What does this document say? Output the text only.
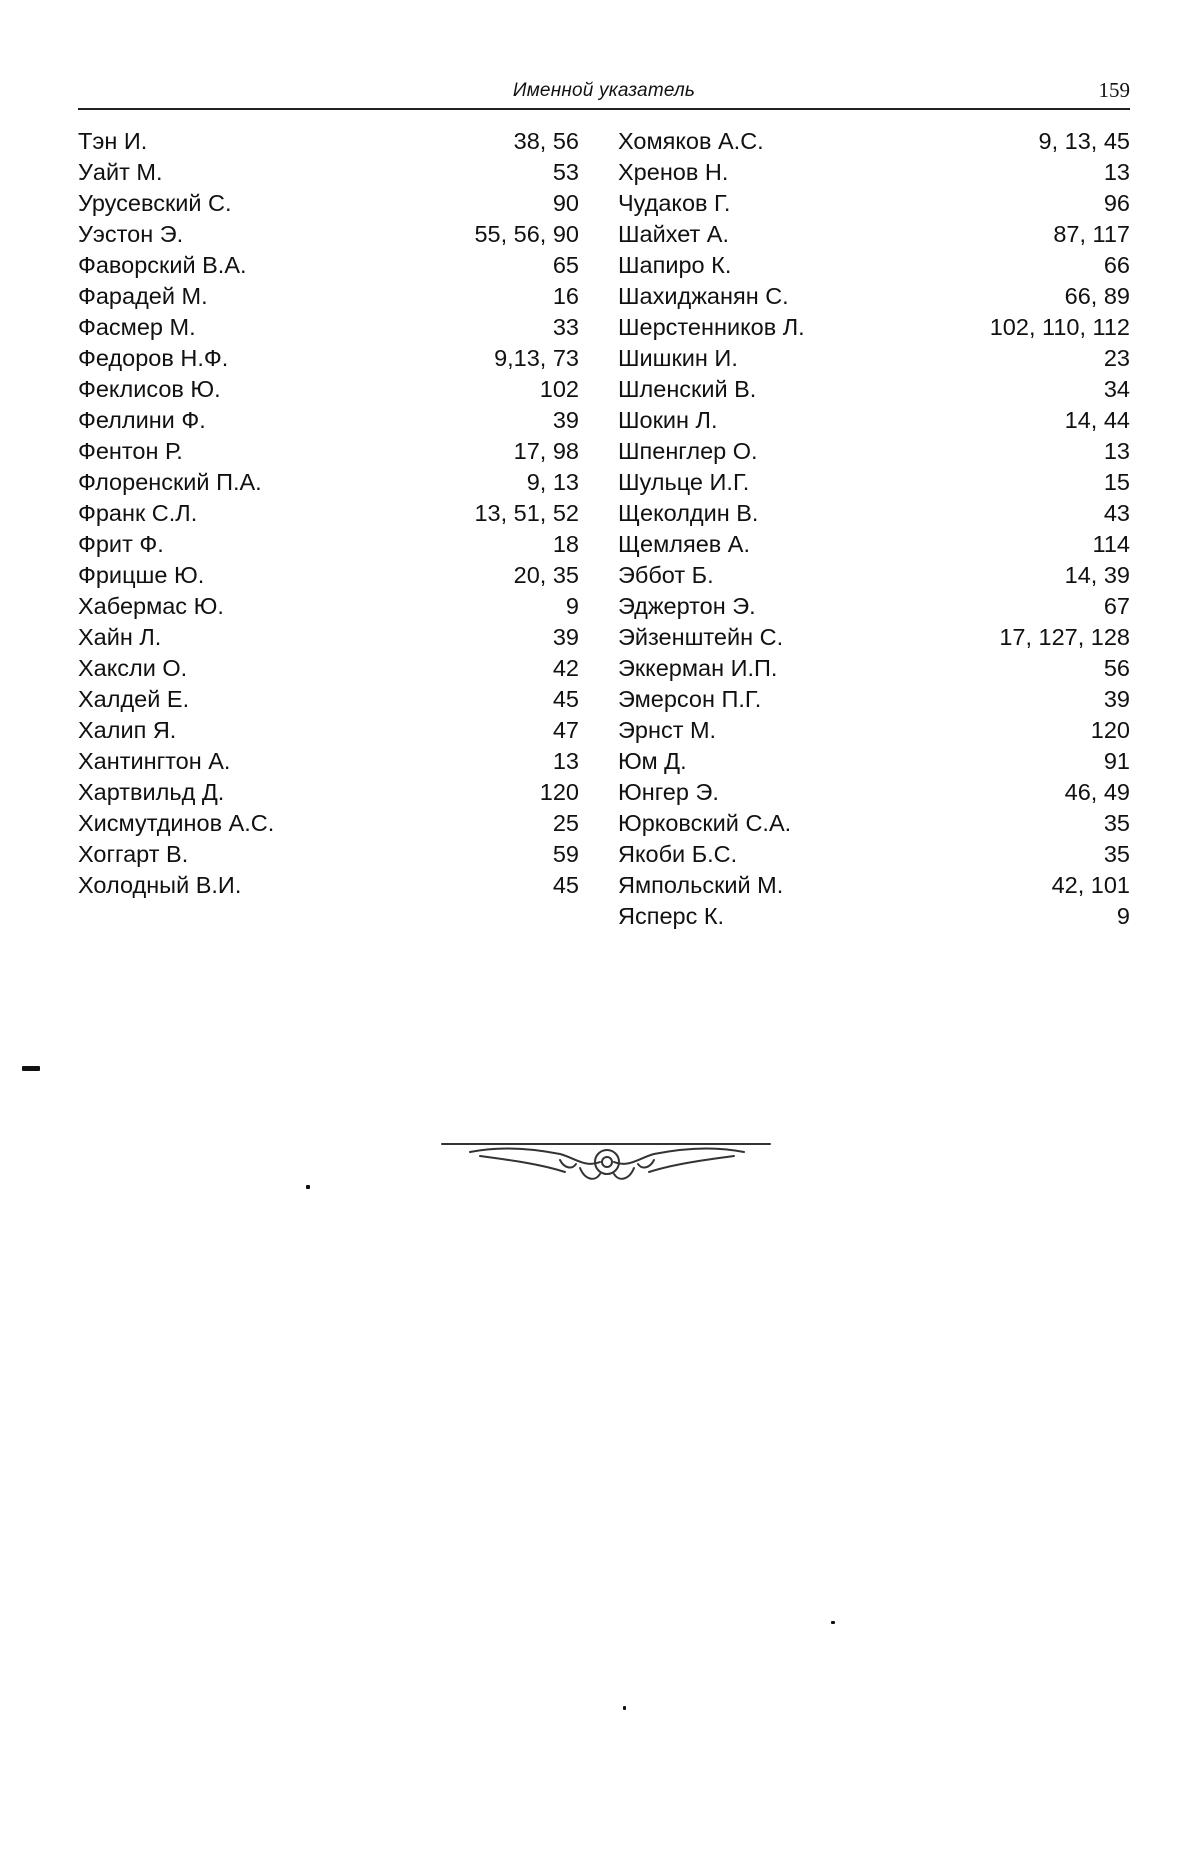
Именной указатель	159
Тэн И.	38, 56
Уайт М.	53
Урусевский С.	90
Уэстон Э.	55, 56, 90
Фаворский В.А.	65
Фарадей М.	16
Фасмер М.	33
Федоров Н.Ф.	9,13, 73
Феклисов Ю.	102
Феллини Ф.	39
Фентон Р.	17, 98
Флоренский П.А.	9, 13
Франк С.Л.	13, 51, 52
Фрит Ф.	18
Фрицше Ю.	20, 35
Хабермас Ю.	9
Хайн Л.	39
Хаксли О.	42
Халдей Е.	45
Халип Я.	47
Хантингтон А.	13
Хартвильд Д.	120
Хисмутдинов А.С.	25
Хоггарт В.	59
Холодный В.И.	45
Хомяков А.С.	9, 13, 45
Хренов Н.	13
Чудаков Г.	96
Шайхет А.	87, 117
Шапиро К.	66
Шахиджанян С.	66, 89
Шерстенников Л.	102, 110, 112
Шишкин И.	23
Шленский В.	34
Шокин Л.	14, 44
Шпенглер О.	13
Шульце И.Г.	15
Щеколдин В.	43
Щемляев А.	114
Эббот Б.	14, 39
Эджертон Э.	67
Эйзенштейн С.	17, 127, 128
Эккерман И.П.	56
Эмерсон П.Г.	39
Эрнст М.	120
Юм Д.	91
Юнгер Э.	46, 49
Юрковский С.А.	35
Якоби Б.С.	35
Ямпольский М.	42, 101
Ясперс К.	9
